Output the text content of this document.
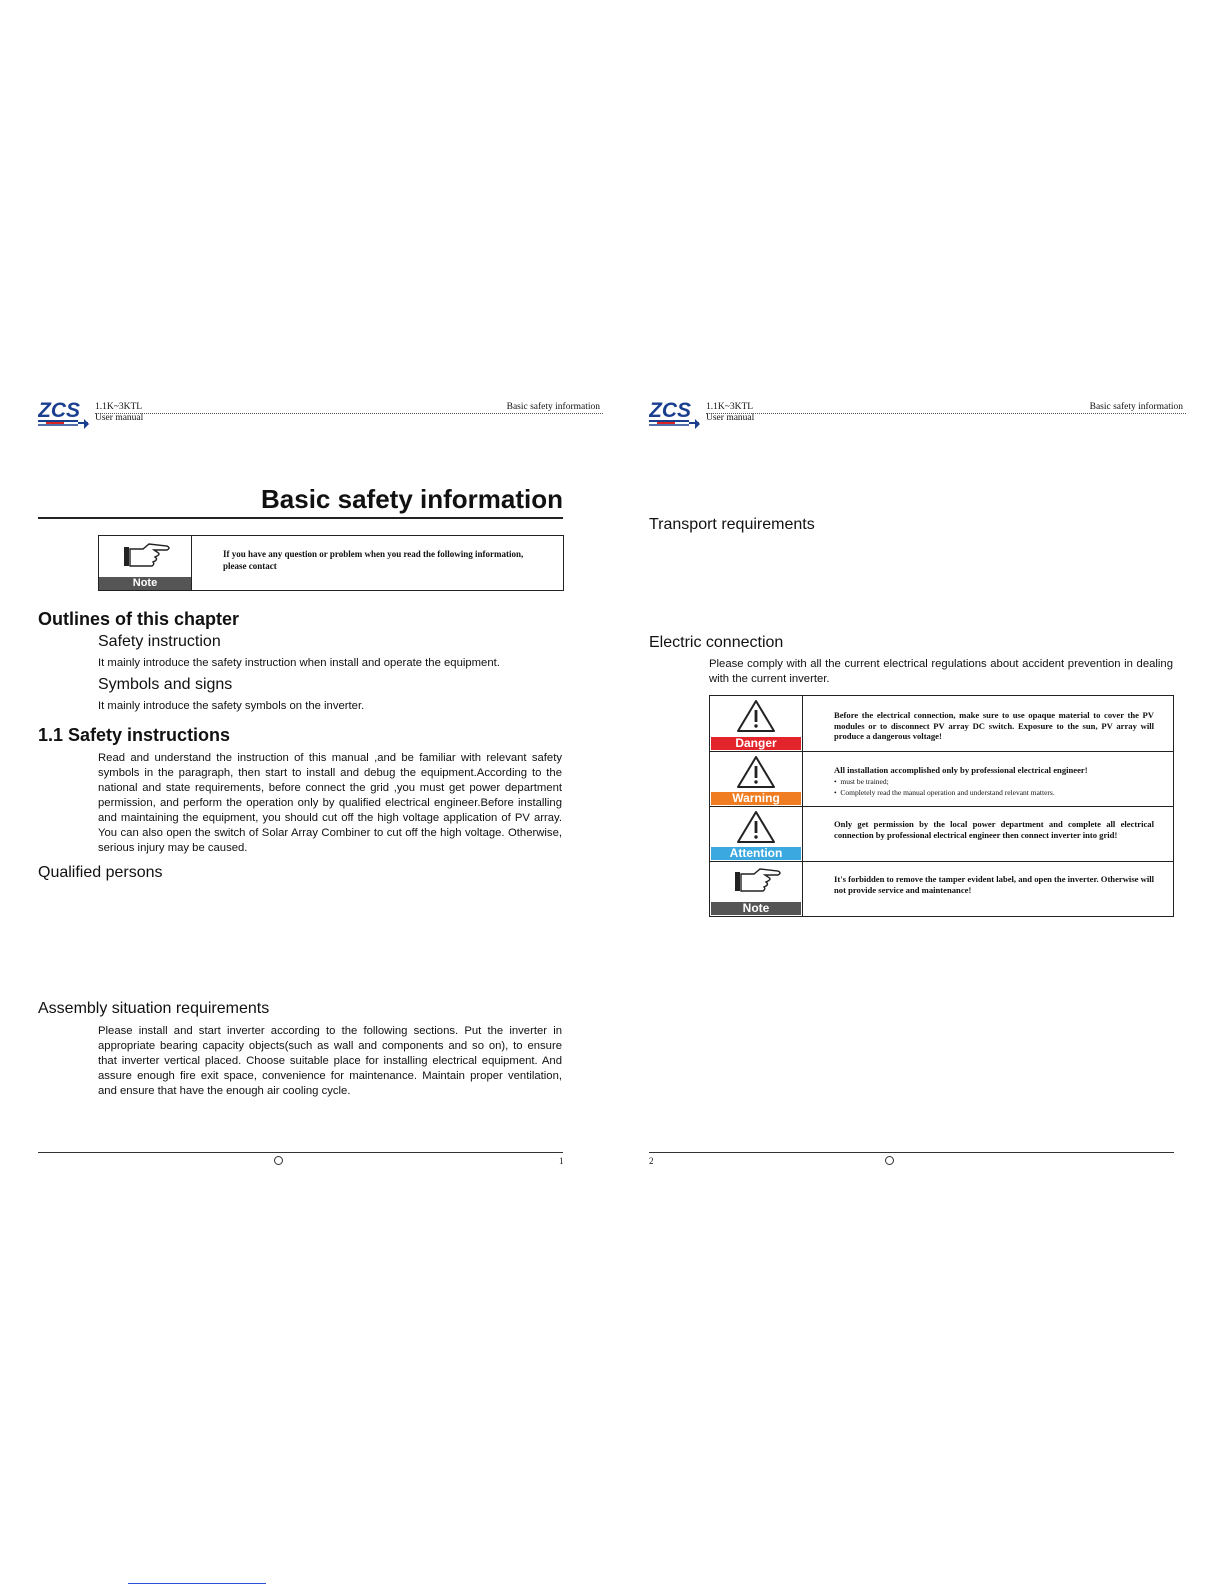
ZCS 1.1K~3KTL
User manual
Basic safety information
Basic safety information
Note
If you have any question or problem when you read the following information, please contact
Outlines of this chapter
Safety instruction
It mainly introduce the safety instruction when install and operate the equipment.
Symbols and signs
It mainly introduce the safety symbols on the inverter.
1.1 Safety instructions
Read and understand the instruction of this manual ,and be familiar with relevant safety symbols in the paragraph, then start to install and debug the equipment.According to the national and state requirements, before connect the grid ,you must get power department permission, and perform the operation only by qualified electrical engineer.Before installing and maintaining the equipment, you should cut off the high voltage application of PV array. You can also open the switch of Solar Array Combiner to cut off the high voltage. Otherwise, serious injury may be caused.
Qualified persons
Assembly situation requirements
Please install and start inverter according to the following sections. Put the inverter in appropriate bearing capacity objects(such as wall and components and so on), to ensure that inverter vertical placed. Choose suitable place for installing electrical equipment. And assure enough fire exit space, convenience for maintenance. Maintain proper ventilation, and ensure that have the enough air cooling cycle.
1
ZCS 1.1K~3KTL
User manual
Basic safety information
Transport requirements
Electric connection
Please comply with all the current electrical regulations about accident prevention in dealing with the current inverter.
Danger
Before the electrical connection, make sure to use opaque material to cover the PV modules or to disconnect PV array DC switch. Exposure to the sun, PV array will produce a dangerous voltage!
Warning
All installation accomplished only by professional electrical engineer!
•  must be trained;
•  Completely read the manual operation and understand relevant matters.
Attention
Only get permission by the local power department and complete all electrical connection by professional electrical engineer then connect inverter into grid!
Note
It's forbidden to remove the tamper evident label, and open the inverter. Otherwise will not provide service and maintenance!
2
